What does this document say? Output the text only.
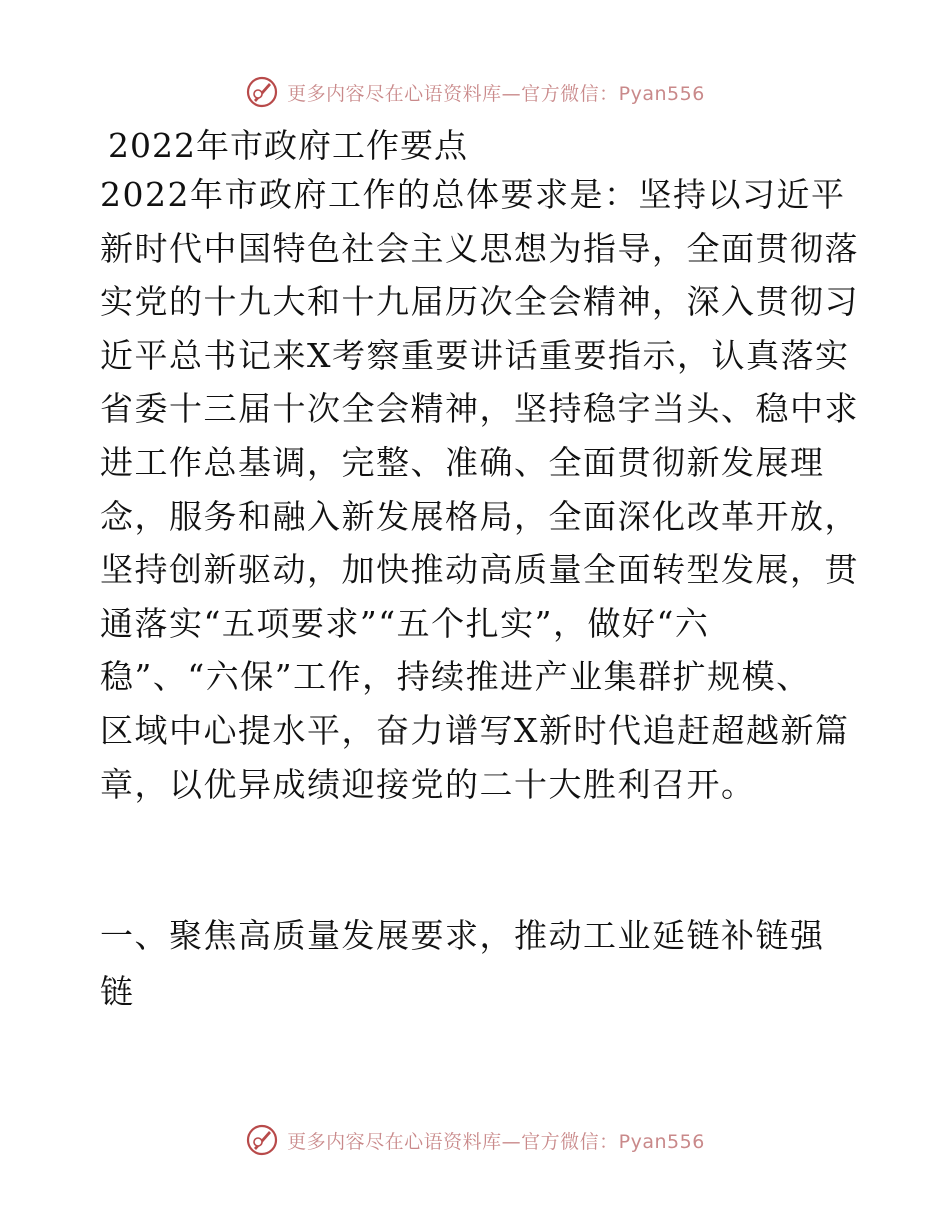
更多内容尽在心语资料库—官方微信：Pyan556
2022年市政府工作要点
2022年市政府工作的总体要求是：坚持以习近平
新时代中国特色社会主义思想为指导，全面贯彻落
实党的十九大和十九届历次全会精神，深入贯彻习
近平总书记来X考察重要讲话重要指示，认真落实
省委十三届十次全会精神，坚持稳字当头、稳中求
进工作总基调，完整、准确、全面贯彻新发展理
念，服务和融入新发展格局，全面深化改革开放，
坚持创新驱动，加快推动高质量全面转型发展，贯
通落实“五项要求”“五个扎实”，做好“六
稳”、“六保”工作，持续推进产业集群扩规模、
区域中心提水平，奋力谱写X新时代追赶超越新篇
章，以优异成绩迎接党的二十大胜利召开。
一、聚焦高质量发展要求，推动工业延链补链强
链
更多内容尽在心语资料库—官方微信：Pyan556
